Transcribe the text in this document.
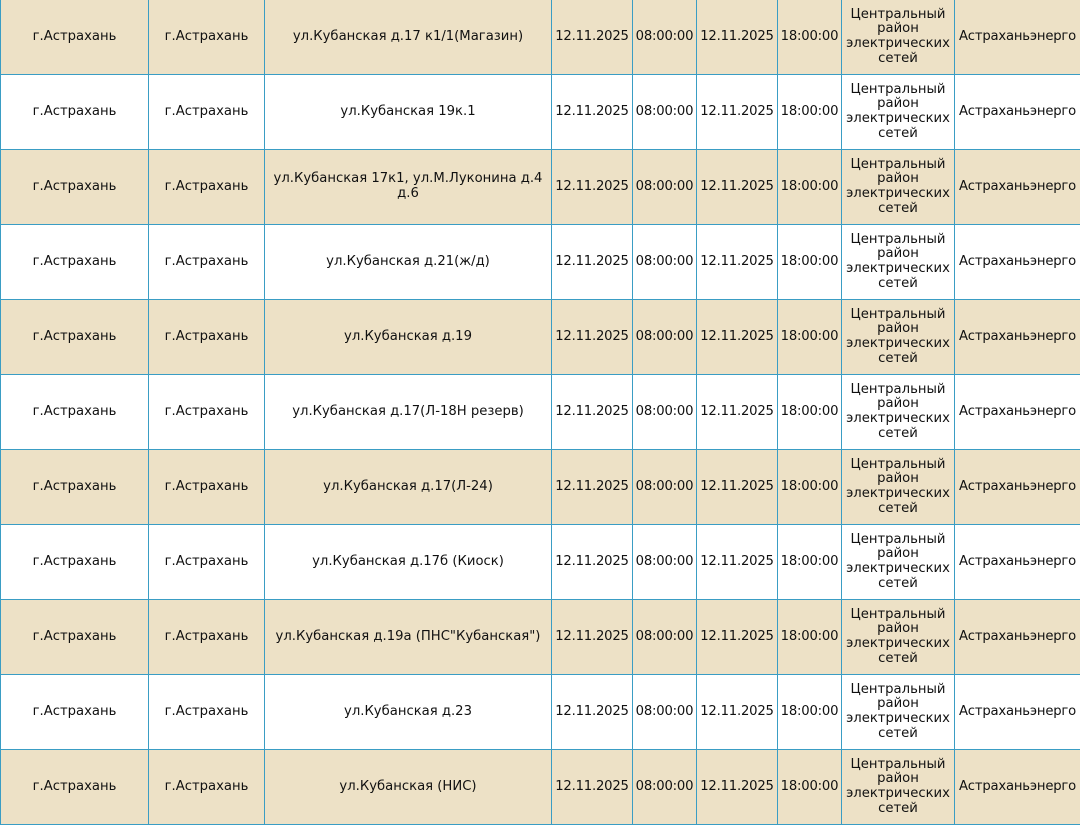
г.Астрахань	г.Астрахань	ул.Кубанская д.17 к1/1(Магазин)	12.11.2025	08:00:00	12.11.2025	18:00:00	Центральный район электрических сетей	Астраханьэнерго
г.Астрахань	г.Астрахань	ул.Кубанская 19к.1	12.11.2025	08:00:00	12.11.2025	18:00:00	Центральный район электрических сетей	Астраханьэнерго
г.Астрахань	г.Астрахань	ул.Кубанская 17к1, ул.М.Луконина д.4 д.6	12.11.2025	08:00:00	12.11.2025	18:00:00	Центральный район электрических сетей	Астраханьэнерго
г.Астрахань	г.Астрахань	ул.Кубанская д.21(ж/д)	12.11.2025	08:00:00	12.11.2025	18:00:00	Центральный район электрических сетей	Астраханьэнерго
г.Астрахань	г.Астрахань	ул.Кубанская д.19	12.11.2025	08:00:00	12.11.2025	18:00:00	Центральный район электрических сетей	Астраханьэнерго
г.Астрахань	г.Астрахань	ул.Кубанская д.17(Л-18Н резерв)	12.11.2025	08:00:00	12.11.2025	18:00:00	Центральный район электрических сетей	Астраханьэнерго
г.Астрахань	г.Астрахань	ул.Кубанская д.17(Л-24)	12.11.2025	08:00:00	12.11.2025	18:00:00	Центральный район электрических сетей	Астраханьэнерго
г.Астрахань	г.Астрахань	ул.Кубанская д.17б (Киоск)	12.11.2025	08:00:00	12.11.2025	18:00:00	Центральный район электрических сетей	Астраханьэнерго
г.Астрахань	г.Астрахань	ул.Кубанская д.19а (ПНС"Кубанская")	12.11.2025	08:00:00	12.11.2025	18:00:00	Центральный район электрических сетей	Астраханьэнерго
г.Астрахань	г.Астрахань	ул.Кубанская д.23	12.11.2025	08:00:00	12.11.2025	18:00:00	Центральный район электрических сетей	Астраханьэнерго
г.Астрахань	г.Астрахань	ул.Кубанская (НИС)	12.11.2025	08:00:00	12.11.2025	18:00:00	Центральный район электрических сетей	Астраханьэнерго
